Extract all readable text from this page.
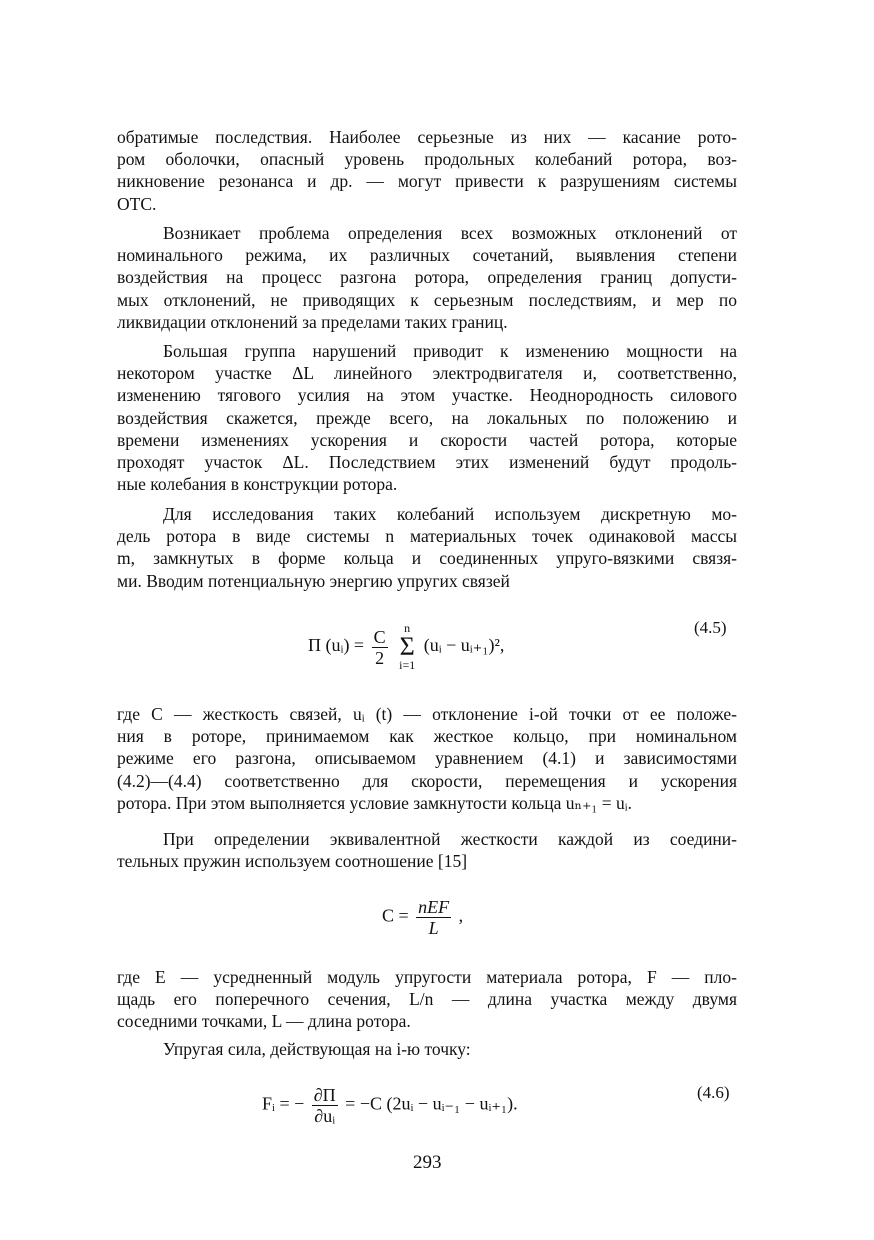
обратимые последствия. Наиболее серьезные из них — касание рото-
ром оболочки, опасный уровень продольных колебаний ротора, воз-
никновение резонанса и др. — могут привести к разрушениям системы
ОТС.
Возникает проблема определения всех возможных отклонений от
номинального режима, их различных сочетаний, выявления степени
воздействия на процесс разгона ротора, определения границ допусти-
мых отклонений, не приводящих к серьезным последствиям, и мер по
ликвидации отклонений за пределами таких границ.
Большая группа нарушений приводит к изменению мощности на
некотором участке ΔL линейного электродвигателя и, соответственно,
изменению тягового усилия на этом участке. Неоднородность силового
воздействия скажется, прежде всего, на локальных по положению и
времени изменениях ускорения и скорости частей ротора, которые
проходят участок ΔL. Последствием этих изменений будут продоль-
ные колебания в конструкции ротора.
Для исследования таких колебаний используем дискретную мо-
дель ротора в виде системы n материальных точек одинаковой массы
m, замкнутых в форме кольца и соединенных упруго-вязкими связя-
ми. Вводим потенциальную энергию упругих связей
П (uᵢ) = $\frac{C}{2}$
n
Σ
i=1
(uᵢ − uᵢ₊₁)²,
(4.5)
где C — жесткость связей, uᵢ (t) — отклонение i-ой точки от ее положе-
ния в роторе, принимаемом как жесткое кольцо, при номинальном
режиме его разгона, описываемом уравнением (4.1) и зависимостями
(4.2)—(4.4) соответственно для скорости, перемещения и ускорения
ротора. При этом выполняется условие замкнутости кольца uₙ₊₁ = uᵢ.
При определении эквивалентной жесткости каждой из соедини-
тельных пружин используем соотношение [15]
$C = \frac{\text{nEF}}{L}$ ,
где E — усредненный модуль упругости материала ротора, F — пло-
щадь его поперечного сечения, L/n — длина участка между двумя
соседними точками, L — длина ротора.
Упругая сила, действующая на i-ю точку:
Fᵢ = − $\frac{\partial П}{\text{∂uᵢ}} = -C$ (2uᵢ − uᵢ₋₁ − uᵢ₊₁).
(4.6)
293
